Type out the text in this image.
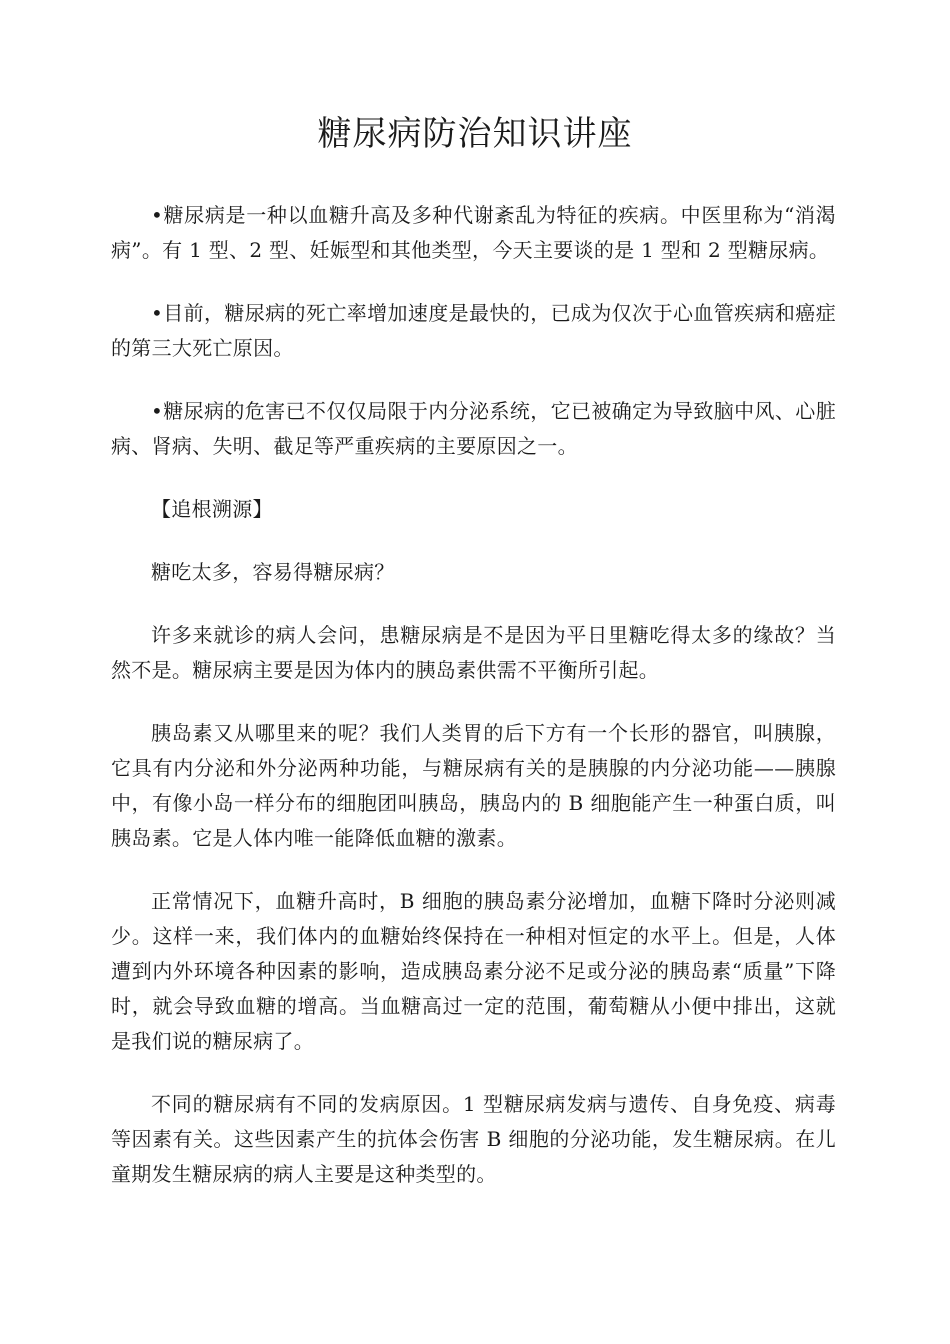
糖尿病防治知识讲座

•糖尿病是一种以血糖升高及多种代谢紊乱为特征的疾病。中医里称为“消渴病”。有 1 型、2 型、妊娠型和其他类型，今天主要谈的是 1 型和 2 型糖尿病。

•目前，糖尿病的死亡率增加速度是最快的，已成为仅次于心血管疾病和癌症的第三大死亡原因。

•糖尿病的危害已不仅仅局限于内分泌系统，它已被确定为导致脑中风、心脏病、肾病、失明、截足等严重疾病的主要原因之一。

【追根溯源】

糖吃太多，容易得糖尿病？

许多来就诊的病人会问，患糖尿病是不是因为平日里糖吃得太多的缘故？当然不是。糖尿病主要是因为体内的胰岛素供需不平衡所引起。

胰岛素又从哪里来的呢？我们人类胃的后下方有一个长形的器官，叫胰腺，它具有内分泌和外分泌两种功能，与糖尿病有关的是胰腺的内分泌功能——胰腺中，有像小岛一样分布的细胞团叫胰岛，胰岛内的 B 细胞能产生一种蛋白质，叫胰岛素。它是人体内唯一能降低血糖的激素。

正常情况下，血糖升高时，B 细胞的胰岛素分泌增加，血糖下降时分泌则减少。这样一来，我们体内的血糖始终保持在一种相对恒定的水平上。但是，人体遭到内外环境各种因素的影响，造成胰岛素分泌不足或分泌的胰岛素“质量”下降时，就会导致血糖的增高。当血糖高过一定的范围，葡萄糖从小便中排出，这就是我们说的糖尿病了。

不同的糖尿病有不同的发病原因。1 型糖尿病发病与遗传、自身免疫、病毒等因素有关。这些因素产生的抗体会伤害 B 细胞的分泌功能，发生糖尿病。在儿童期发生糖尿病的病人主要是这种类型的。
